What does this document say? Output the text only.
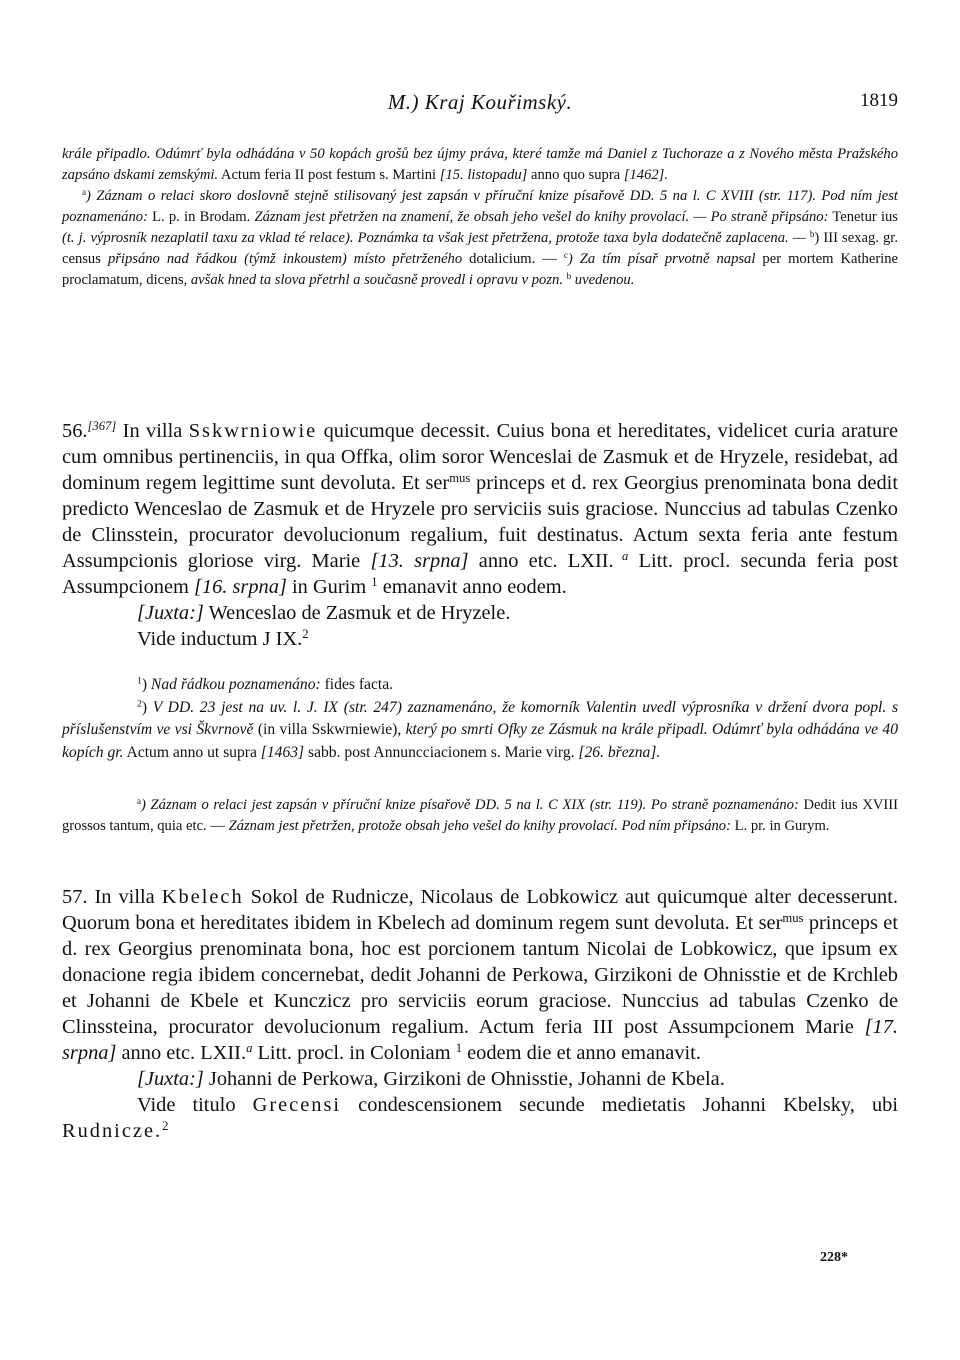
M.) Kraj Kouřimský.	1819

krále připadlo. Odúmrť byla odhádána v 50 kopách grošů bez újmy práva, které tamže má Daniel z Tuchoraze a z Nového města Pražského zapsáno dskami zemskými. Actum feria II post festum s. Martini [15. listopadu] anno quo supra [1462].

$^a$) Záznam o relaci skoro doslovně stejně stilisovaný jest zapsán v příruční knize písařově DD. 5 na l. C XVIII (str. 117). Pod ním jest poznamenáno: L. p. in Brodam. Záznam jest přetržen na znamení, že obsah jeho vešel do knihy provolací. — Po straně připsáno: Tenetur ius (t. j. výprosník nezaplatil taxu za vklad té relace). Poznámka ta však jest přetržena, protože taxa byla dodatečně zaplacena. — $^b$) III sexag. gr. census připsáno nad řádkou (týmž inkoustem) místo přetrženého dotalicium. — $^c$) Za tím písař prvotně napsal per mortem Katherine proclamatum, dicens, avšak hned ta slova přetrhl a současně provedl i opravu v pozn. $^b$ uvedenou.

56.[367] In villa Sskwrniowie quicumque decessit. Cuius bona et hereditates, videlicet curia arature cum omnibus pertinenciis, in qua Offka, olim soror Wenceslai de Zasmuk et de Hryzele, residebat, ad dominum regem legittime sunt devoluta. Et ser$^{mus}$ princeps et d. rex Georgius prenominata bona dedit predicto Wenceslao de Zasmuk et de Hryzele pro serviciis suis graciose. Nunccius ad tabulas Czenko de Clinsstein, procurator devolucionum regalium, fuit destinatus. Actum sexta feria ante festum Assumpcionis gloriose virg. Marie [13. srpna] anno etc. LXII. $^a$ Litt. procl. secunda feria post Assumpcionem [16. srpna] in Gurim $^1$ emanavit anno eodem.

[Juxta:] Wenceslao de Zasmuk et de Hryzele.

Vide inductum J IX.$^2$

$^1$) Nad řádkou poznamenáno: fides facta.

$^2$) V DD. 23 jest na uv. l. J. IX (str. 247) zaznamenáno, že komorník Valentin uvedl výprosníka v držení dvora popl. s příslušenstvím ve vsi Škvrnově (in villa Sskwrniewie), který po smrti Ofky ze Zásmuk na krále připadl. Odúmrť byla odhádána ve 40 kopích gr. Actum anno ut supra [1463] sabb. post Annuncciacionem s. Marie virg. [26. března].

$^a$) Záznam o relaci jest zapsán v příruční knize písařově DD. 5 na l. C XIX (str. 119). Po straně poznamenáno: Dedit ius XVIII grossos tantum, quia etc. — Záznam jest přetržen, protože obsah jeho vešel do knihy provolací. Pod ním připsáno: L. pr. in Gurym.

57. In villa Kbelech Sokol de Rudnicze, Nicolaus de Lobkowicz aut quicumque alter decesserunt. Quorum bona et hereditates ibidem in Kbelech ad dominum regem sunt devoluta. Et ser$^{mus}$ princeps et d. rex Georgius prenominata bona, hoc est porcionem tantum Nicolai de Lobkowicz, que ipsum ex donacione regia ibidem concernebat, dedit Johanni de Perkowa, Girzikoni de Ohnisstie et de Krchleb et Johanni de Kbele et Kunczicz pro serviciis eorum graciose. Nunccius ad tabulas Czenko de Clinssteina, procurator devolucionum regalium. Actum feria III post Assumpcionem Marie [17. srpna] anno etc. LXII.$^a$ Litt. procl. in Coloniam $^1$ eodem die et anno emanavit.

[Juxta:] Johanni de Perkowa, Girzikoni de Ohnisstie, Johanni de Kbela.

Vide titulo Grecensi condescensionem secunde medietatis Johanni Kbelsky, ubi Rudnicze.$^2$

228*
